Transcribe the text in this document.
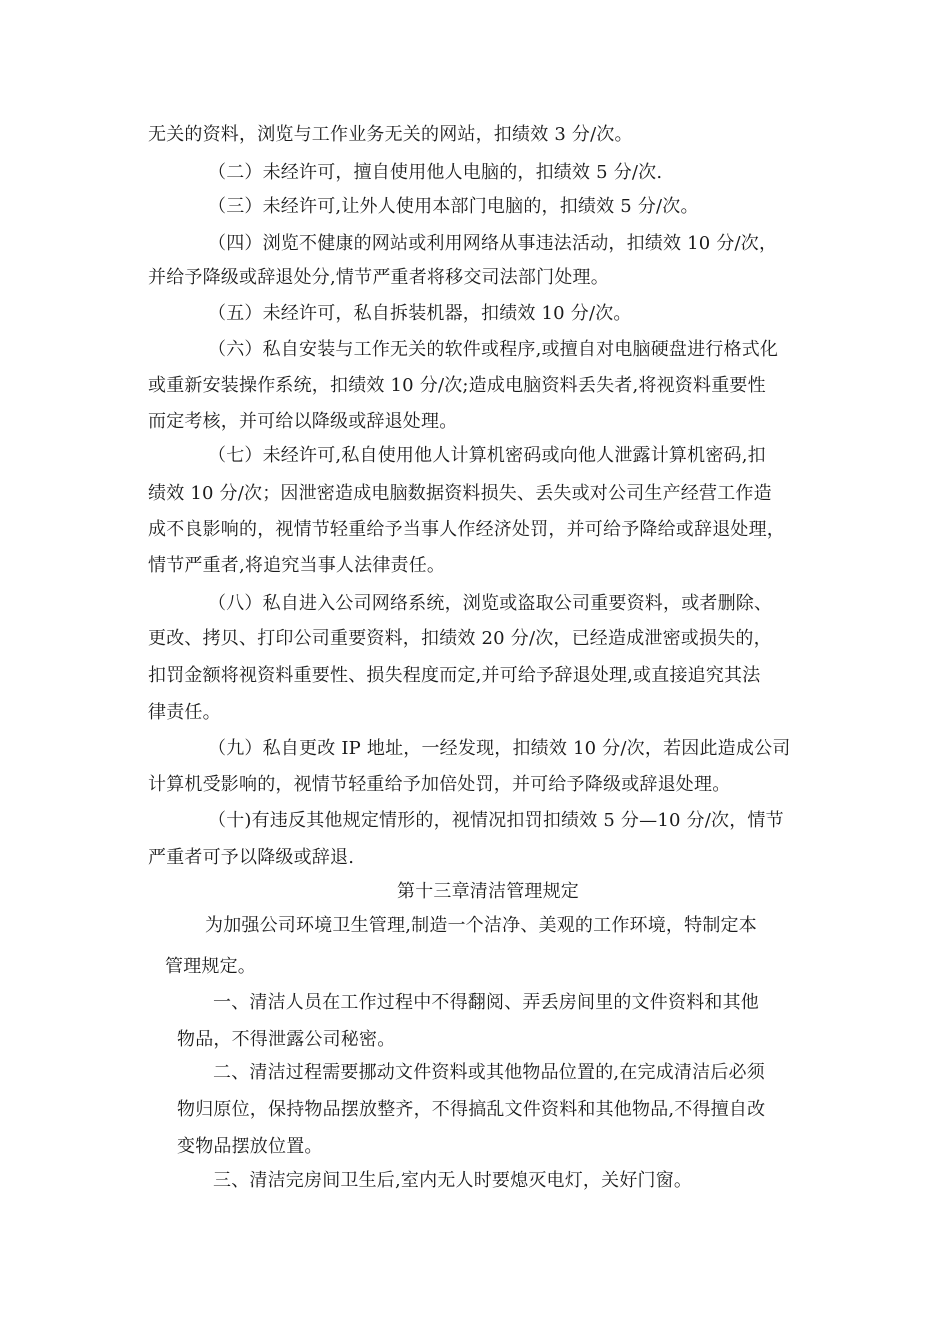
无关的资料，浏览与工作业务无关的网站，扣绩效 3 分/次。
（二）未经许可，擅自使用他人电脑的，扣绩效 5 分/次.
（三）未经许可,让外人使用本部门电脑的，扣绩效 5 分/次。
（四）浏览不健康的网站或利用网络从事违法活动，扣绩效 10 分/次，
并给予降级或辞退处分,情节严重者将移交司法部门处理。
（五）未经许可，私自拆装机器，扣绩效 10 分/次。
（六）私自安装与工作无关的软件或程序,或擅自对电脑硬盘进行格式化
或重新安装操作系统，扣绩效 10 分/次;造成电脑资料丢失者,将视资料重要性
而定考核，并可给以降级或辞退处理。
（七）未经许可,私自使用他人计算机密码或向他人泄露计算机密码,扣
绩效 10 分/次；因泄密造成电脑数据资料损失、丢失或对公司生产经营工作造
成不良影响的，视情节轻重给予当事人作经济处罚，并可给予降给或辞退处理，
情节严重者,将追究当事人法律责任。
（八）私自进入公司网络系统，浏览或盗取公司重要资料，或者删除、
更改、拷贝、打印公司重要资料，扣绩效 20 分/次，已经造成泄密或损失的，
扣罚金额将视资料重要性、损失程度而定,并可给予辞退处理,或直接追究其法
律责任。
（九）私自更改 IP 地址，一经发现，扣绩效 10 分/次，若因此造成公司
计算机受影响的，视情节轻重给予加倍处罚，并可给予降级或辞退处理。
（十)有违反其他规定情形的，视情况扣罚扣绩效 5 分—10 分/次，情节
严重者可予以降级或辞退.
第十三章清洁管理规定
为加强公司环境卫生管理,制造一个洁净、美观的工作环境，特制定本
管理规定。
一、清洁人员在工作过程中不得翻阅、弄丢房间里的文件资料和其他
物品，不得泄露公司秘密。
二、清洁过程需要挪动文件资料或其他物品位置的,在完成清洁后必须
物归原位，保持物品摆放整齐，不得搞乱文件资料和其他物品,不得擅自改
变物品摆放位置。
三、清洁完房间卫生后,室内无人时要熄灭电灯，关好门窗。
